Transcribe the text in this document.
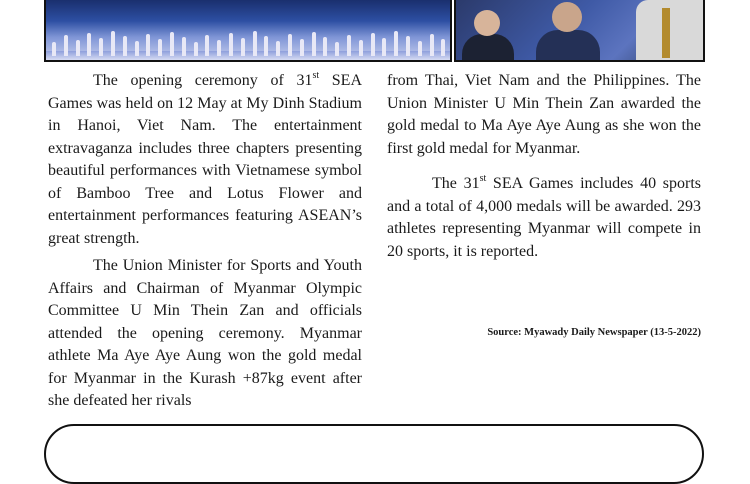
The opening ceremony of 31st SEA Games was held on 12 May at My Dinh Stadium in Hanoi, Viet Nam. The entertainment extravaganza includes three chapters presenting beautiful performances with Vietnamese symbol of Bamboo Tree and Lotus Flower and entertainment performances featuring ASEAN’s great strength.

The Union Minister for Sports and Youth Affairs and Chairman of Myanmar Olympic Committee U Min Thein Zan and officials attended the opening ceremony. Myanmar athlete Ma Aye Aye Aung won the gold medal for Myanmar in the Kurash +87kg event after she defeated her rivals

from Thai, Viet Nam and the Philippines. The Union Minister U Min Thein Zan awarded the gold medal to Ma Aye Aye Aung as she won the first gold medal for Myanmar.

The 31st SEA Games includes 40 sports and a total of 4,000 medals will be awarded. 293 athletes representing Myanmar will compete in 20 sports, it is reported.

Source: Myawady Daily Newspaper (13-5-2022)
